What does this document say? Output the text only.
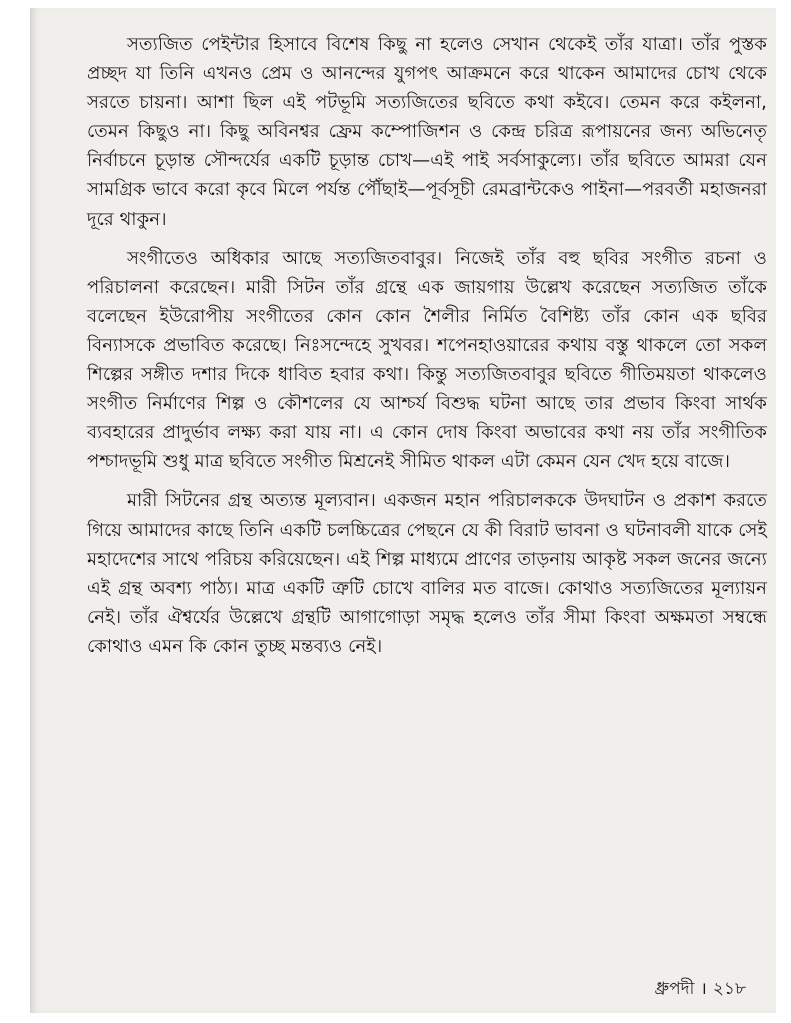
সত্যজিত পেইন্টার হিসাবে বিশেষ কিছু না হলেও সেখান থেকেই তাঁর যাত্রা। তাঁর পুস্তক প্রচ্ছদ যা তিনি এখনও প্রেম ও আনন্দের যুগপৎ আক্রমনে করে থাকেন আমাদের চোখ থেকে সরতে চায়না। আশা ছিল এই পটভূমি সত্যজিতের ছবিতে কথা কইবে। তেমন করে কইলনা, তেমন কিছুও না। কিছু অবিনশ্বর ফ্রেম কম্পোজিশন ও কেন্দ্র চরিত্র রূপায়নের জন্য অভিনেতৃ নির্বাচনে চূড়ান্ত সৌন্দর্যের একটি চূড়ান্ত চোখ—এই পাই সর্বসাকুল্যে। তাঁর ছবিতে আমরা যেন সামগ্রিক ভাবে করো কৃবে মিলে পর্যন্ত পৌঁছাই—পূর্বসূচী রেমব্রান্টকেও পাইনা—পরবর্তী মহাজনরা দূরে থাকুন।

সংগীতেও অধিকার আছে সত্যজিতবাবুর। নিজেই তাঁর বহু ছবির সংগীত রচনা ও পরিচালনা করেছেন। মারী সিটন তাঁর গ্রন্থে এক জায়গায় উল্লেখ করেছেন সত্যজিত তাঁকে বলেছেন ইউরোপীয় সংগীতের কোন কোন শৈলীর নির্মিত বৈশিষ্ট্য তাঁর কোন এক ছবির বিন্যাসকে প্রভাবিত করেছে। নিঃসন্দেহে সুখবর। শপেনহাওয়ারের কথায় বস্তু থাকলে তো সকল শিল্পের সঙ্গীত দশার দিকে ধাবিত হবার কথা। কিন্তু সত্যজিতবাবুর ছবিতে গীতিময়তা থাকলেও সংগীত নির্মাণের শিল্প ও কৌশলের যে আশ্চর্য বিশুদ্ধ ঘটনা আছে তার প্রভাব কিংবা সার্থক ব্যবহারের প্রাদুর্ভাব লক্ষ্য করা যায় না। এ কোন দোষ কিংবা অভাবের কথা নয় তাঁর সংগীতিক পশ্চাদভূমি শুধু মাত্র ছবিতে সংগীত মিশ্রনেই সীমিত থাকল এটা কেমন যেন খেদ হয়ে বাজে।

মারী সিটনের গ্রন্থ অত্যন্ত মূল্যবান। একজন মহান পরিচালককে উদঘাটন ও প্রকাশ করতে গিয়ে আমাদের কাছে তিনি একটি চলচ্চিত্রের পেছনে যে কী বিরাট ভাবনা ও ঘটনাবলী যাকে সেই মহাদেশের সাথে পরিচয় করিয়েছেন। এই শিল্প মাধ্যমে প্রাণের তাড়নায় আকৃষ্ট সকল জনের জন্যে এই গ্রন্থ অবশ্য পাঠ্য। মাত্র একটি ত্রুটি চোখে বালির মত বাজে। কোথাও সত্যজিতের মূল্যায়ন নেই। তাঁর ঐশ্বর্যের উল্লেখে গ্রন্থটি আগাগোড়া সমৃদ্ধ হলেও তাঁর সীমা কিংবা অক্ষমতা সম্বন্ধে কোথাও এমন কি কোন তুচ্ছ মন্তব্যও নেই।

ধ্রুপদী । ২১৮
